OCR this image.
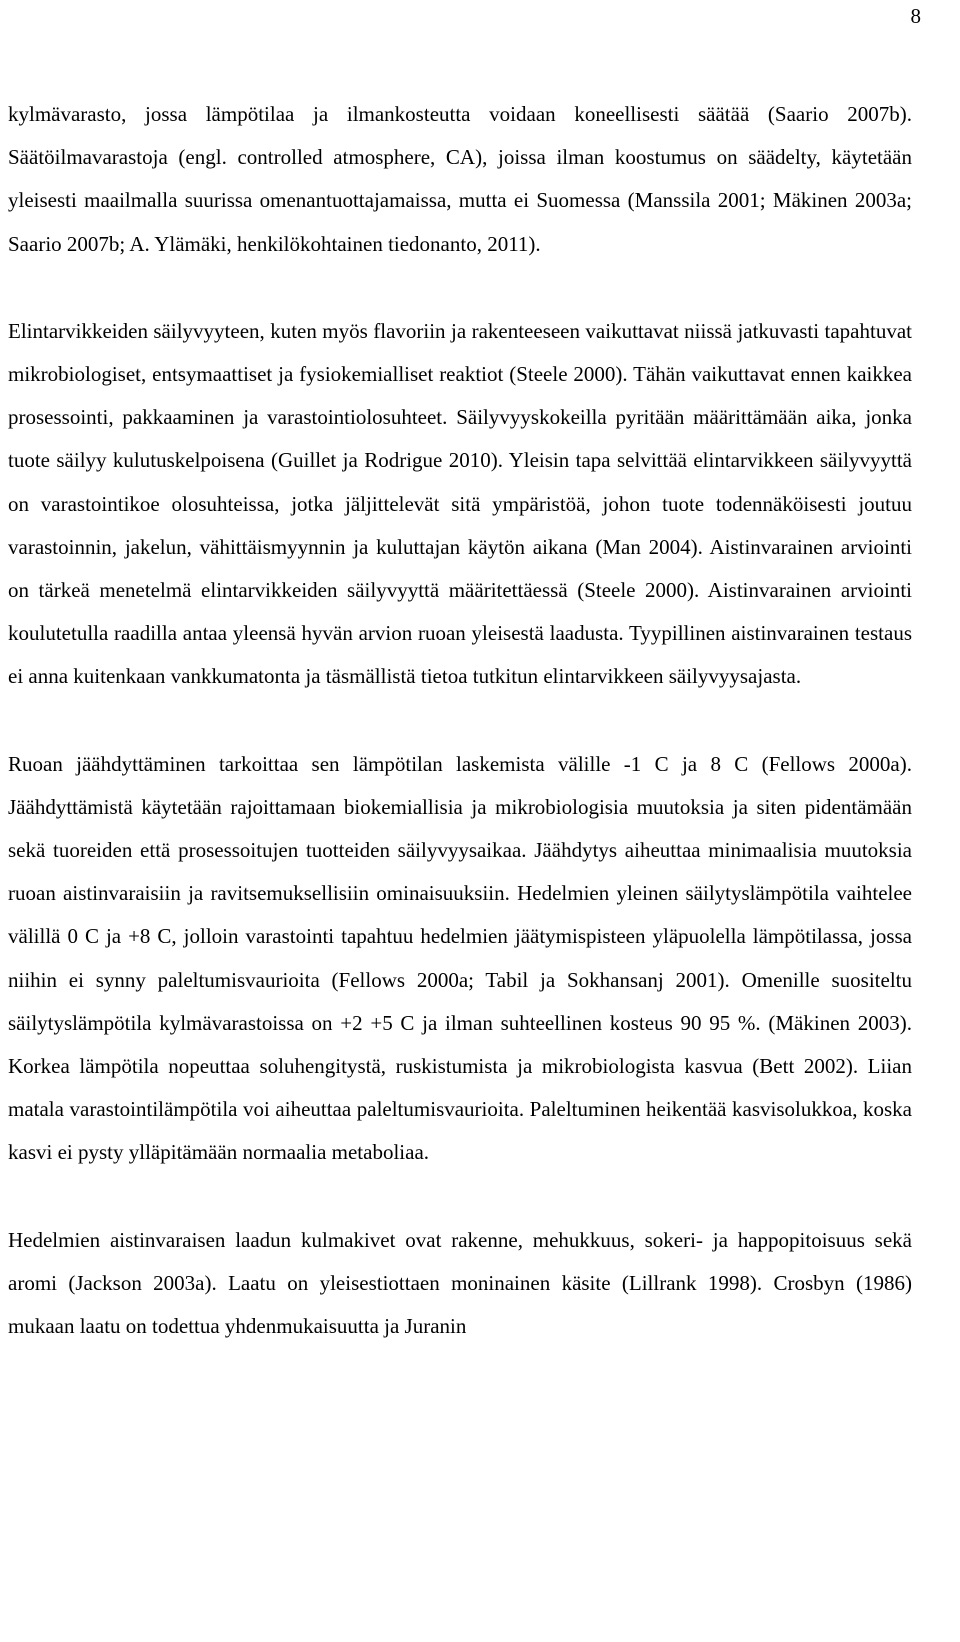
8

kylmävarasto, jossa lämpötilaa ja ilmankosteutta voidaan koneellisesti säätää (Saario 2007b). Säätöilmavarastoja (engl. controlled atmosphere, CA), joissa ilman koostumus on säädelty, käytetään yleisesti maailmalla suurissa omenantuottajamaissa, mutta ei Suomessa (Manssila 2001; Mäkinen 2003a; Saario 2007b; A. Ylämäki, henkilökohtainen tiedonanto, 2011).

Elintarvikkeiden säilyvyyteen, kuten myös flavoriin ja rakenteeseen vaikuttavat niissä jatkuvasti tapahtuvat mikrobiologiset, entsymaattiset ja fysiokemialliset reaktiot (Steele 2000). Tähän vaikuttavat ennen kaikkea prosessointi, pakkaaminen ja varastointiolosuhteet. Säilyvyyskokeilla pyritään määrittämään aika, jonka tuote säilyy kulutuskelpoisena (Guillet ja Rodrigue 2010). Yleisin tapa selvittää elintarvikkeen säilyvyyttä on varastointikoe olosuhteissa, jotka jäljittelevät sitä ympäristöä, johon tuote todennäköisesti joutuu varastoinnin, jakelun, vähittäismyynnin ja kuluttajan käytön aikana (Man 2004). Aistinvarainen arviointi on tärkeä menetelmä elintarvikkeiden säilyvyyttä määritettäessä (Steele 2000). Aistinvarainen arviointi koulutetulla raadilla antaa yleensä hyvän arvion ruoan yleisestä laadusta. Tyypillinen aistinvarainen testaus ei anna kuitenkaan vankkumatonta ja täsmällistä tietoa tutkitun elintarvikkeen säilyvyysajasta.

Ruoan jäähdyttäminen tarkoittaa sen lämpötilan laskemista välille -1 C ja 8 C (Fellows 2000a). Jäähdyttämistä käytetään rajoittamaan biokemiallisia ja mikrobiologisia muutoksia ja siten pidentämään sekä tuoreiden että prosessoitujen tuotteiden säilyvyysaikaa. Jäähdytys aiheuttaa minimaalisia muutoksia ruoan aistinvaraisiin ja ravitsemuksellisiin ominaisuuksiin. Hedelmien yleinen säilytyslämpötila vaihtelee välillä 0 C ja +8 C, jolloin varastointi tapahtuu hedelmien jäätymispisteen yläpuolella lämpötilassa, jossa niihin ei synny paleltumisvaurioita (Fellows 2000a; Tabil ja Sokhansanj 2001). Omenille suositeltu säilytyslämpötila kylmävarastoissa on +2 +5 C ja ilman suhteellinen kosteus 90 95 %. (Mäkinen 2003). Korkea lämpötila nopeuttaa soluhengitystä, ruskistumista ja mikrobiologista kasvua (Bett 2002). Liian matala varastointilämpötila voi aiheuttaa paleltumisvaurioita. Paleltuminen heikentää kasvisolukkoa, koska kasvi ei pysty ylläpitämään normaalia metaboliaa.

Hedelmien aistinvaraisen laadun kulmakivet ovat rakenne, mehukkuus, sokeri- ja happopitoisuus sekä aromi (Jackson 2003a). Laatu on yleisestiottaen moninainen käsite (Lillrank 1998). Crosbyn (1986) mukaan laatu on todettua yhdenmukaisuutta ja Juranin
